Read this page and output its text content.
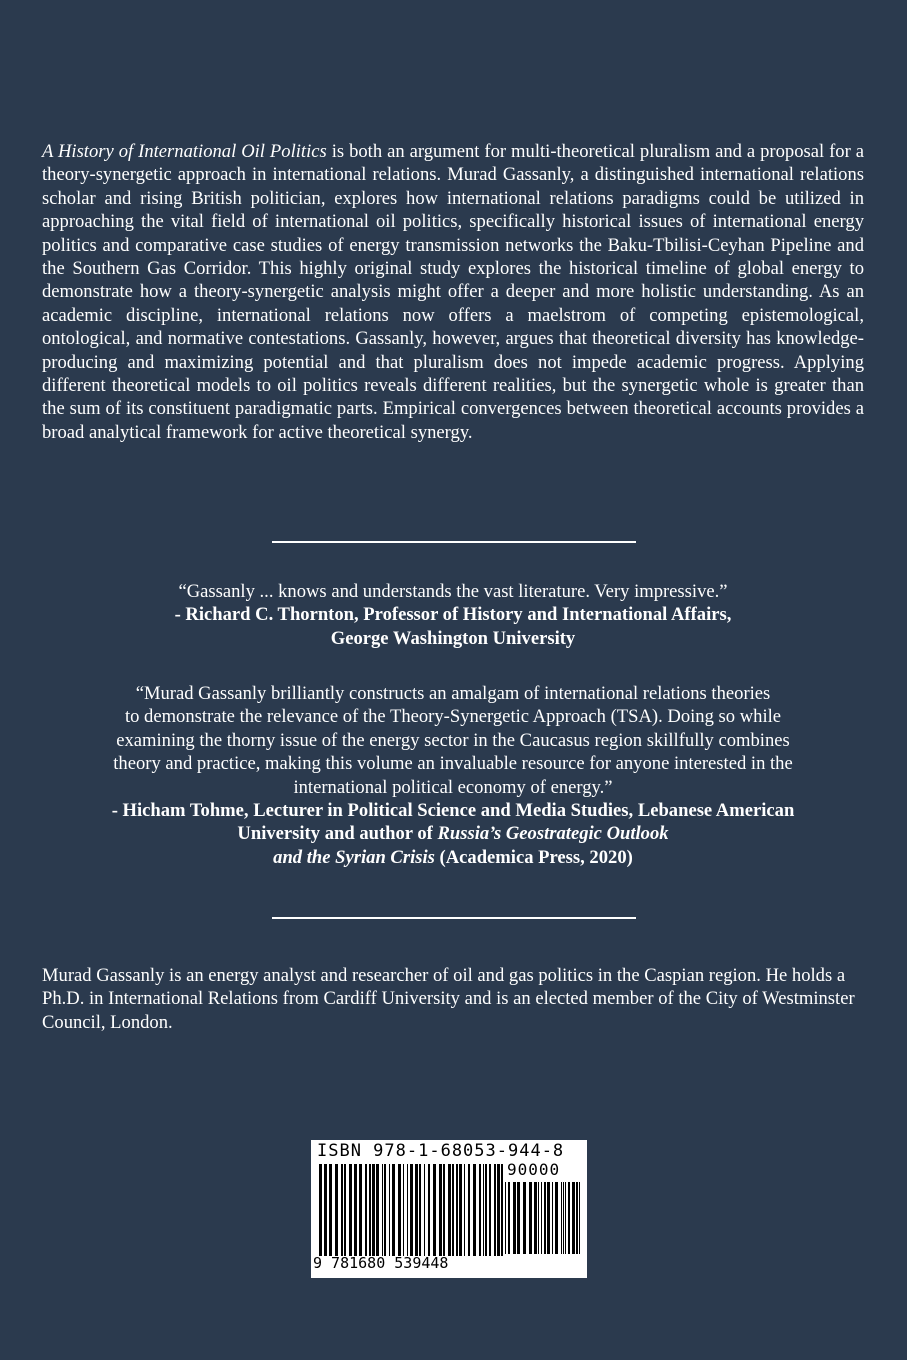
A History of International Oil Politics is both an argument for multi-theoretical pluralism and a proposal for a theory-synergetic approach in international relations. Murad Gassanly, a distinguished international relations scholar and rising British politician, explores how international relations paradigms could be utilized in approaching the vital field of international oil politics, specifically historical issues of international energy politics and comparative case studies of energy transmission networks the Baku-Tbilisi-Ceyhan Pipeline and the Southern Gas Corridor. This highly original study explores the historical timeline of global energy to demonstrate how a theory-synergetic analysis might offer a deeper and more holistic understanding. As an academic discipline, international relations now offers a maelstrom of competing epistemological, ontological, and normative contestations. Gassanly, however, argues that theoretical diversity has knowledge-producing and maximizing potential and that pluralism does not impede academic progress. Applying different theoretical models to oil politics reveals different realities, but the synergetic whole is greater than the sum of its constituent paradigmatic parts. Empirical convergences between theoretical accounts provides a broad analytical framework for active theoretical synergy.

“Gassanly ... knows and understands the vast literature. Very impressive.”
- Richard C. Thornton, Professor of History and International Affairs,
George Washington University
“Murad Gassanly brilliantly constructs an amalgam of international relations theories
to demonstrate the relevance of the Theory-Synergetic Approach (TSA). Doing so while
examining the thorny issue of the energy sector in the Caucasus region skillfully combines
theory and practice, making this volume an invaluable resource for anyone interested in the
international political economy of energy.”
- Hicham Tohme, Lecturer in Political Science and Media Studies, Lebanese American
University and author of Russia’s Geostrategic Outlook
and the Syrian Crisis (Academica Press, 2020)

Murad Gassanly is an energy analyst and researcher of oil and gas politics in the Caspian region. He holds a Ph.D. in International Relations from Cardiff University and is an elected member of the City of Westminster Council, London.

ISBN 978-1-68053-944-8
90000
9 781680 539448
